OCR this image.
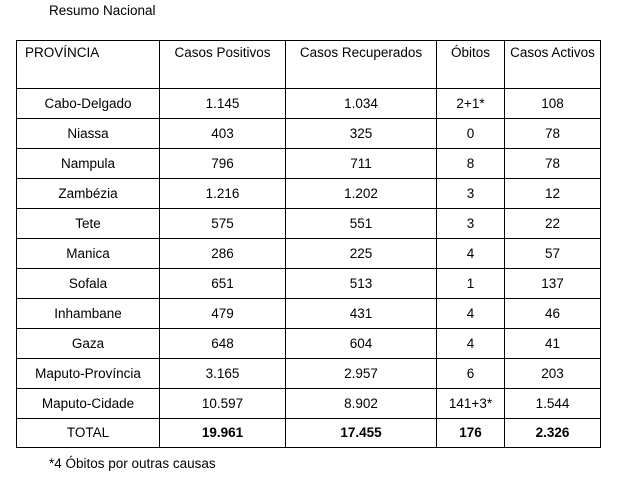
Resumo Nacional
PROVÍNCIA	Casos Positivos	Casos Recuperados	Óbitos	Casos Activos
Cabo-Delgado	1.145	1.034	2+1*	108
Niassa	403	325	0	78
Nampula	796	711	8	78
Zambézia	1.216	1.202	3	12
Tete	575	551	3	22
Manica	286	225	4	57
Sofala	651	513	1	137
Inhambane	479	431	4	46
Gaza	648	604	4	41
Maputo-Província	3.165	2.957	6	203
Maputo-Cidade	10.597	8.902	141+3*	1.544
TOTAL	19.961	17.455	176	2.326
*4 Óbitos por outras causas
